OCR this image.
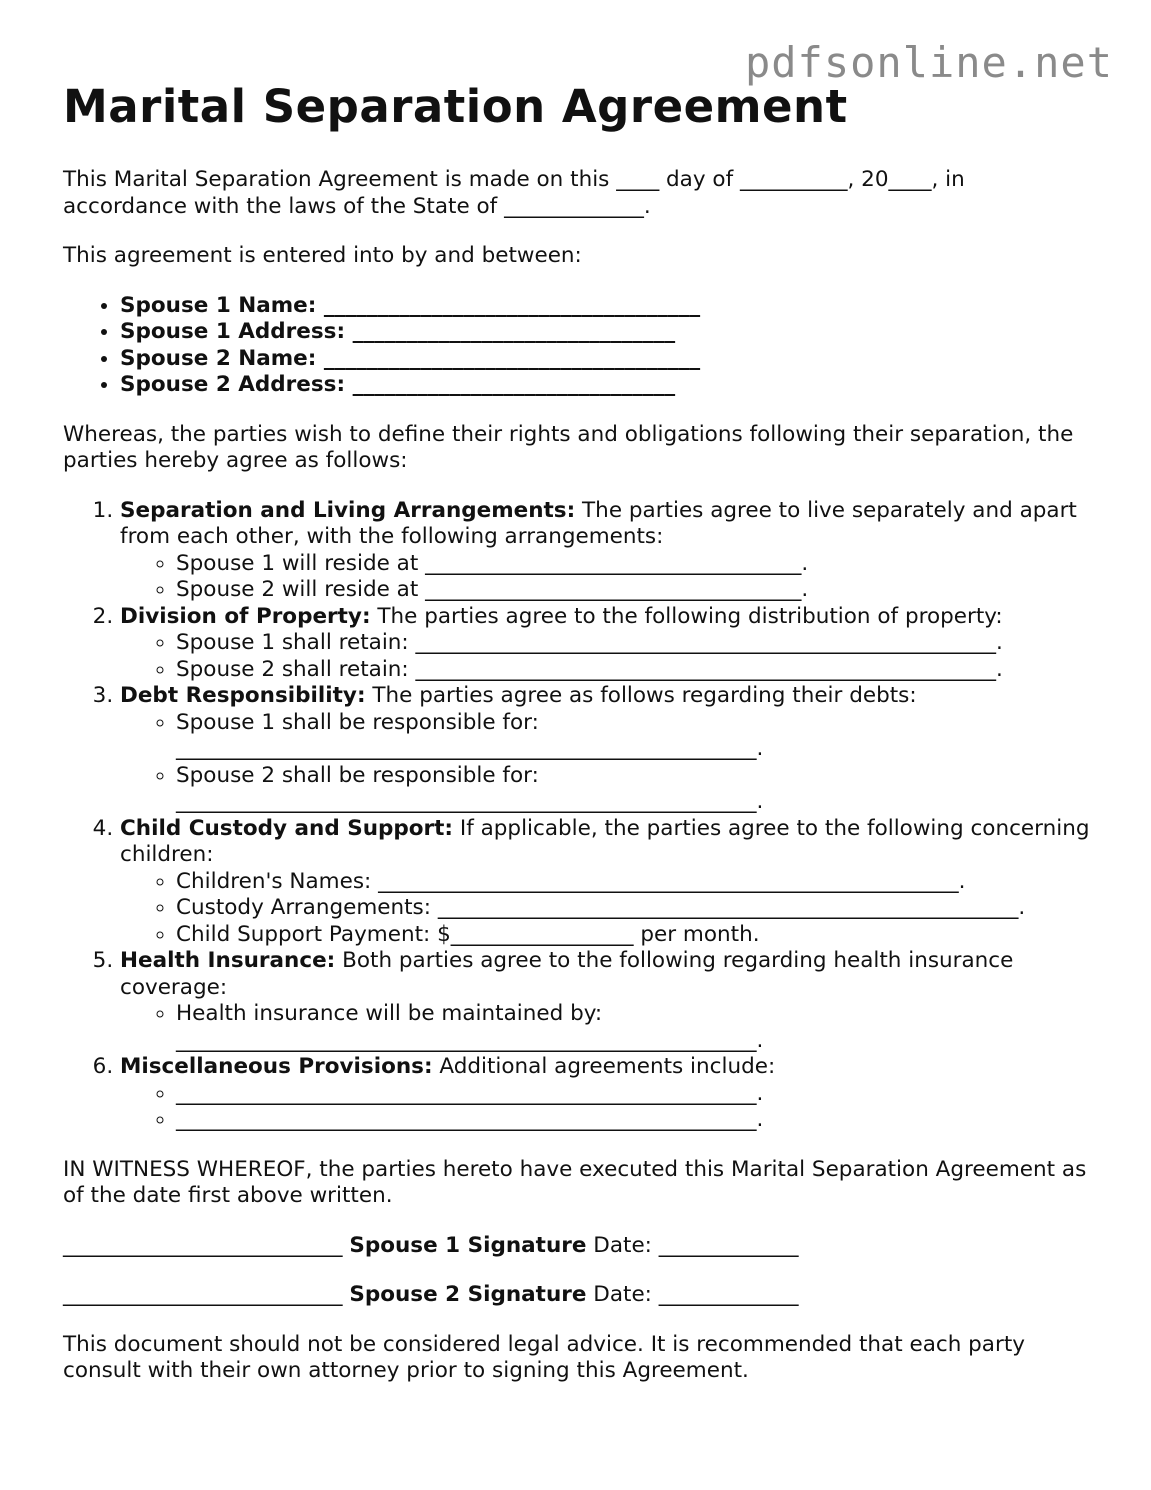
pdfsonline.net
Marital Separation Agreement

This Marital Separation Agreement is made on this ____ day of __________, 20____, in accordance with the laws of the State of _____________.

This agreement is entered into by and between:

• Spouse 1 Name: ___________________________________
• Spouse 1 Address: ______________________________
• Spouse 2 Name: ___________________________________
• Spouse 2 Address: ______________________________

Whereas, the parties wish to define their rights and obligations following their separation, the parties hereby agree as follows:

1. Separation and Living Arrangements: The parties agree to live separately and apart from each other, with the following arrangements:
◦ Spouse 1 will reside at ___________________________________.
◦ Spouse 2 will reside at ___________________________________.
2. Division of Property: The parties agree to the following distribution of property:
◦ Spouse 1 shall retain: ______________________________________________________.
◦ Spouse 2 shall retain: ______________________________________________________.
3. Debt Responsibility: The parties agree as follows regarding their debts:
◦ Spouse 1 shall be responsible for: ______________________________________________________.
◦ Spouse 2 shall be responsible for: ______________________________________________________.
4. Child Custody and Support: If applicable, the parties agree to the following concerning children:
◦ Children's Names: ______________________________________________________.
◦ Custody Arrangements: ______________________________________________________.
◦ Child Support Payment: $_________________ per month.
5. Health Insurance: Both parties agree to the following regarding health insurance coverage:
◦ Health insurance will be maintained by: ______________________________________________________.
6. Miscellaneous Provisions: Additional agreements include:
◦ ______________________________________________________.
◦ ______________________________________________________.

IN WITNESS WHEREOF, the parties hereto have executed this Marital Separation Agreement as of the date first above written.

__________________________ Spouse 1 Signature Date: _____________

__________________________ Spouse 2 Signature Date: _____________

This document should not be considered legal advice. It is recommended that each party consult with their own attorney prior to signing this Agreement.
